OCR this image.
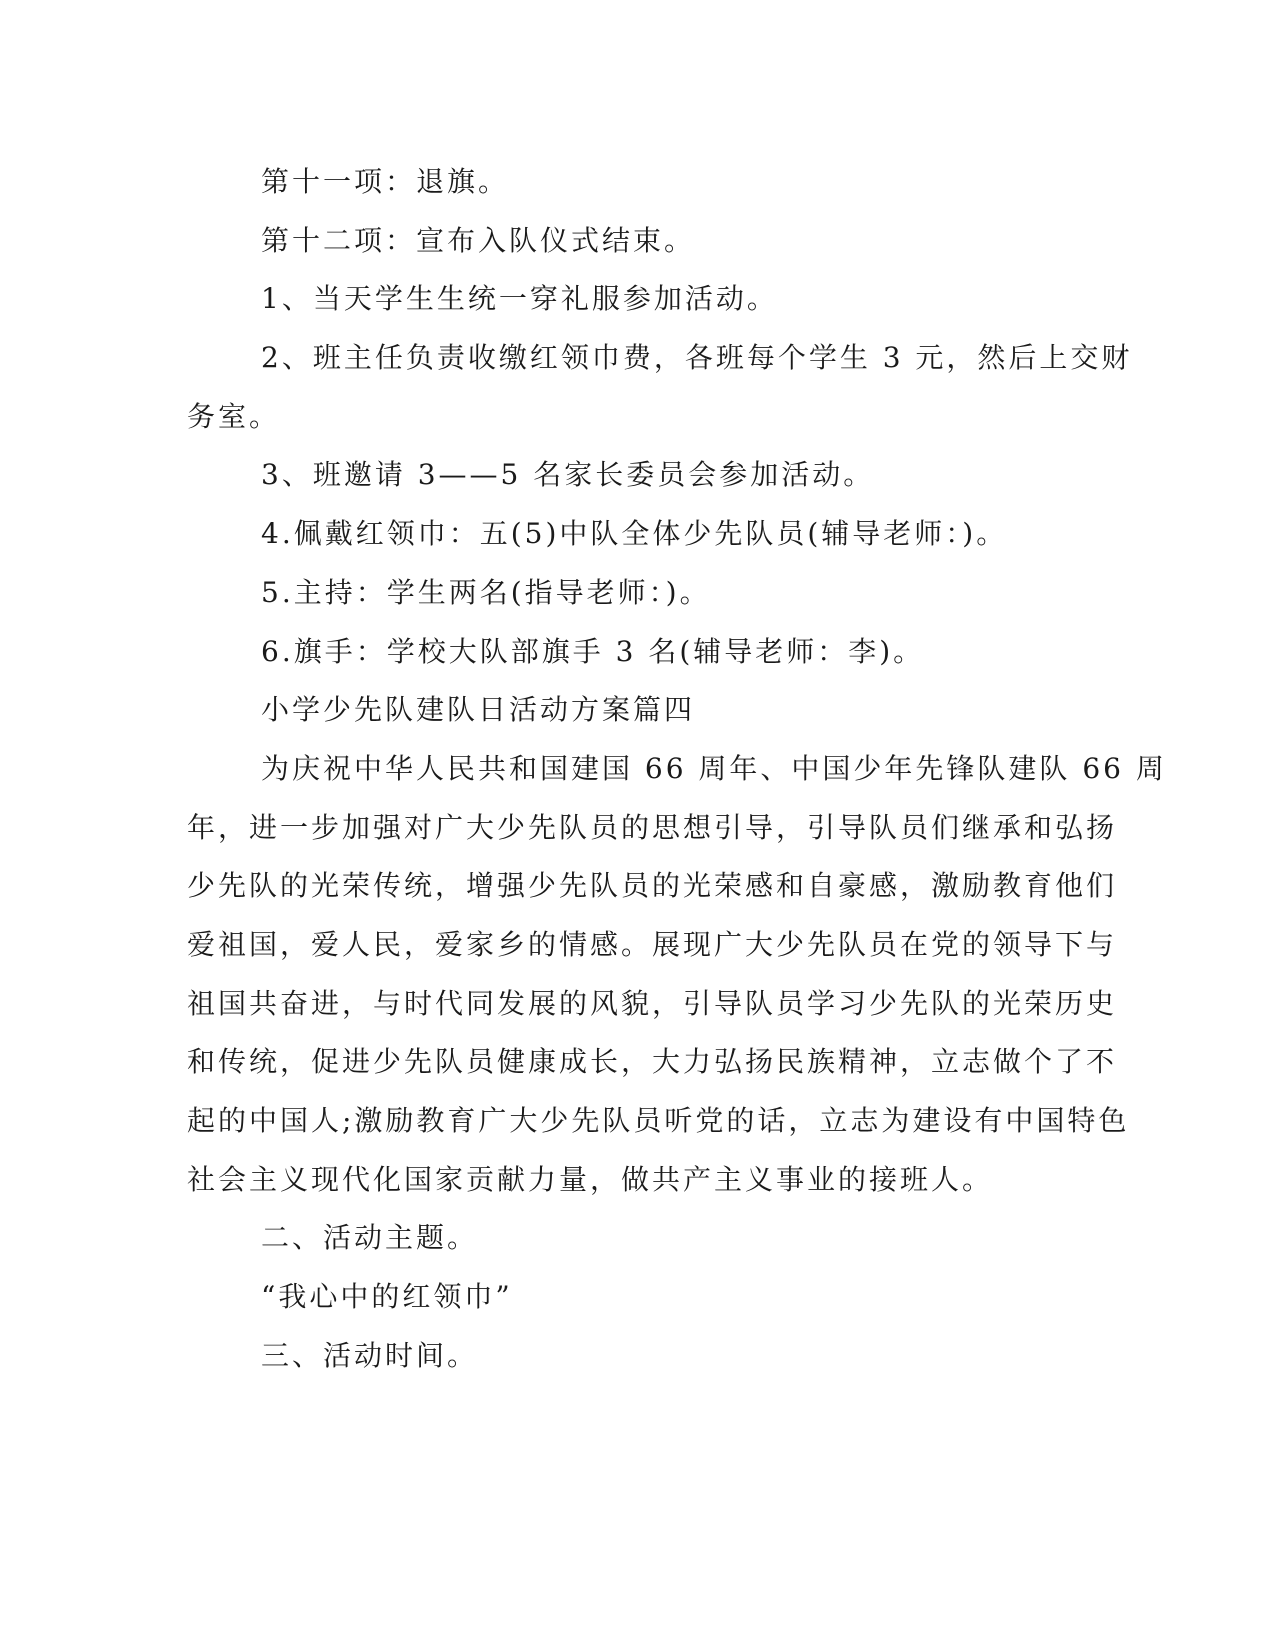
第十一项：退旗。

第十二项：宣布入队仪式结束。

1、当天学生生统一穿礼服参加活动。

2、班主任负责收缴红领巾费，各班每个学生 3 元，然后上交财

务室。

3、班邀请 3——5 名家长委员会参加活动。

4.佩戴红领巾：五(5)中队全体少先队员(辅导老师：)。

5.主持：学生两名(指导老师：)。

6.旗手：学校大队部旗手 3 名(辅导老师：李)。

小学少先队建队日活动方案篇四

为庆祝中华人民共和国建国 66 周年、中国少年先锋队建队 66 周

年，进一步加强对广大少先队员的思想引导，引导队员们继承和弘扬

少先队的光荣传统，增强少先队员的光荣感和自豪感，激励教育他们

爱祖国，爱人民，爱家乡的情感。展现广大少先队员在党的领导下与

祖国共奋进，与时代同发展的风貌，引导队员学习少先队的光荣历史

和传统，促进少先队员健康成长，大力弘扬民族精神，立志做个了不

起的中国人;激励教育广大少先队员听党的话，立志为建设有中国特色

社会主义现代化国家贡献力量，做共产主义事业的接班人。

二、活动主题。

“我心中的红领巾”

三、活动时间。
